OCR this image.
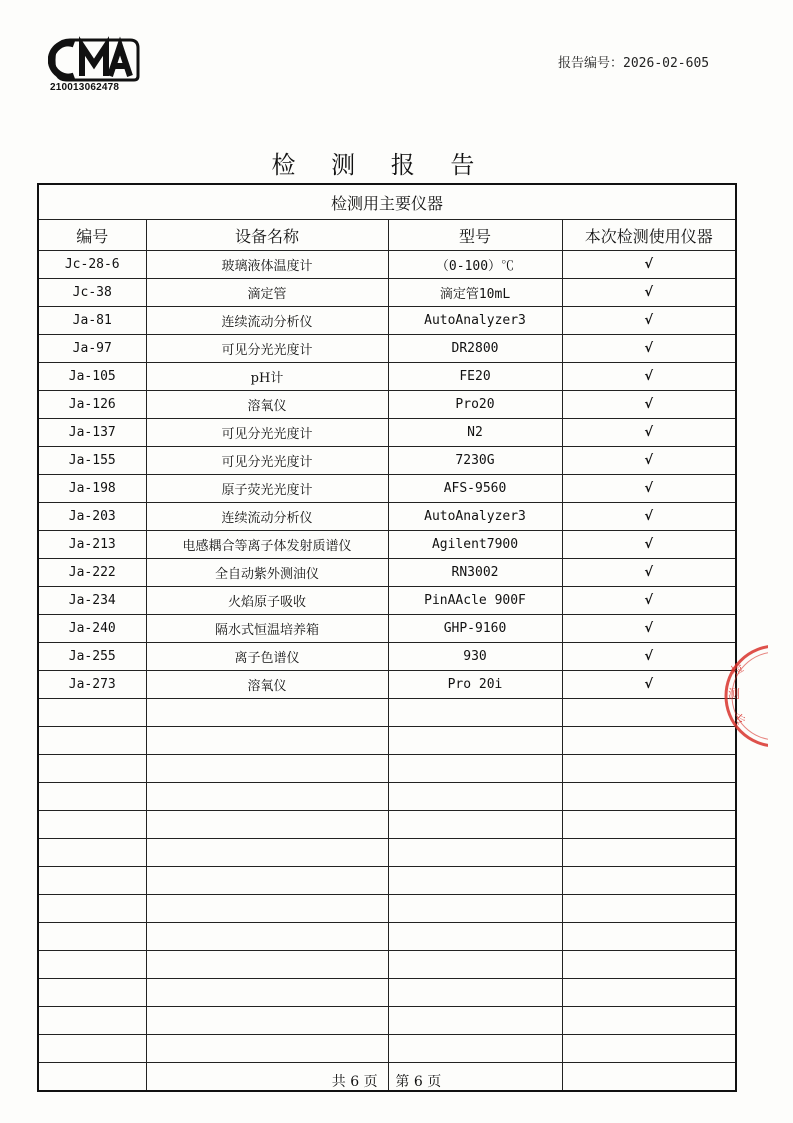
210013062478
报告编号：2026-02-605
检 测 报 告
检测用主要仪器			
编号	设备名称	型号	本次检测使用仪器
Jc-28-6	玻璃液体温度计	（0-100）℃	√
Jc-38	滴定管	滴定管10mL	√
Ja-81	连续流动分析仪	AutoAnalyzer3	√
Ja-97	可见分光光度计	DR2800	√
Ja-105	pH计	FE20	√
Ja-126	溶氧仪	Pro20	√
Ja-137	可见分光光度计	N2	√
Ja-155	可见分光光度计	7230G	√
Ja-198	原子荧光光度计	AFS-9560	√
Ja-203	连续流动分析仪	AutoAnalyzer3	√
Ja-213	电感耦合等离子体发射质谱仪	Agilent7900	√
Ja-222	全自动紫外测油仪	RN3002	√
Ja-234	火焰原子吸收	PinAAcle 900F	√
Ja-240	隔水式恒温培养箱	GHP-9160	√
Ja-255	离子色谱仪	930	√
Ja-273	溶氧仪	Pro 20i	√

检
测
专
共 6 页 第 6 页
